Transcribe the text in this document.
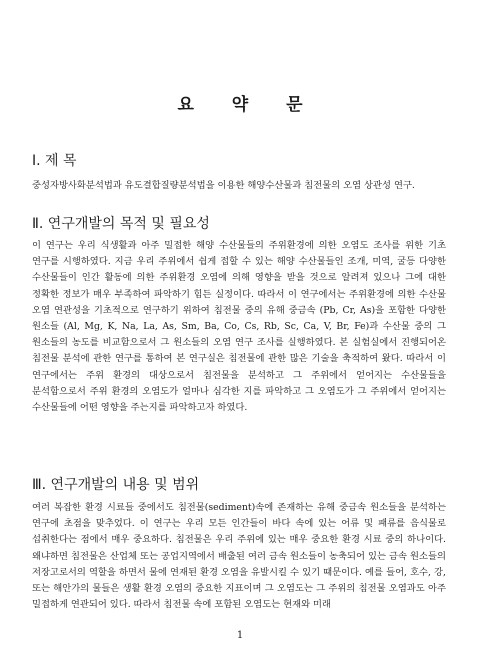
요 약 문
Ⅰ. 제 목

중성자방사화분석법과 유도결합질량분석법을 이용한 해양수산물과 침전물의 오염 상관성 연구.

Ⅱ. 연구개발의 목적 및 필요성

이 연구는 우리 식생활과 아주 밀접한 해양 수산물들의 주위환경에 의한 오염도 조사를 위한 기초 연구를 시행하였다. 지금 우리 주위에서 쉽게 접할 수 있는 해양 수산물들인 조개, 미역, 굴등 다양한 수산물들이 인간 활동에 의한 주위환경 오염에 의해 영향을 받을 것으로 알려져 있으나 그에 대한 정확한 정보가 매우 부족하여 파악하기 힘든 실정이다. 따라서 이 연구에서는 주위환경에 의한 수산물 오염 연관성을 기초적으로 연구하기 위하여 침전물 중의 유해 중금속 (Pb, Cr, As)을 포함한 다양한 원소들 (Al, Mg, K, Na, La, As, Sm, Ba, Co, Cs, Rb, Sc, Ca, V, Br, Fe)과 수산물 중의 그 원소들의 농도를 비교함으로서 그 원소들의 오염 연구 조사를 실행하였다. 본 실험실에서 진행되어온 침전물 분석에 관한 연구를 통하여 본 연구실은 침전물에 관한 많은 기술을 축적하여 왔다. 따라서 이 연구에서는 주위 환경의 대상으로서 침전물을 분석하고 그 주위에서 얻어지는 수산물들을 분석함으로서 주위 환경의 오염도가 얼마나 심각한 지를 파악하고 그 오염도가 그 주위에서 얻어지는 수산물들에 어떤 영향을 주는지를 파악하고자 하였다.

Ⅲ. 연구개발의 내용 및 범위

여러 복잡한 환경 시료들 중에서도 침전물(sediment)속에 존재하는 유해 중금속 원소들을 분석하는 연구에 초점을 맞추었다. 이 연구는 우리 모든 인간들이 바다 속에 있는 어류 및 패류를 음식물로 섭취한다는 점에서 매우 중요하다. 침전물은 우리 주위에 있는 매우 중요한 환경 시료 중의 하나이다. 왜냐하면 침전물은 산업체 또는 공업지역에서 배출된 여러 금속 원소들이 농축되어 있는 금속 원소들의 저장고로서의 역할을 하면서 물에 연재된 환경 오염을 유발시킬 수 있기 때문이다. 예를 들어, 호수, 강, 또는 해안가의 물들은 생활 환경 오염의 중요한 지표이며 그 오염도는 그 주위의 침전물 오염과도 아주 밀접하게 연관되어 있다. 따라서 침전물 속에 포함된 오염도는 현재와 미래

1
